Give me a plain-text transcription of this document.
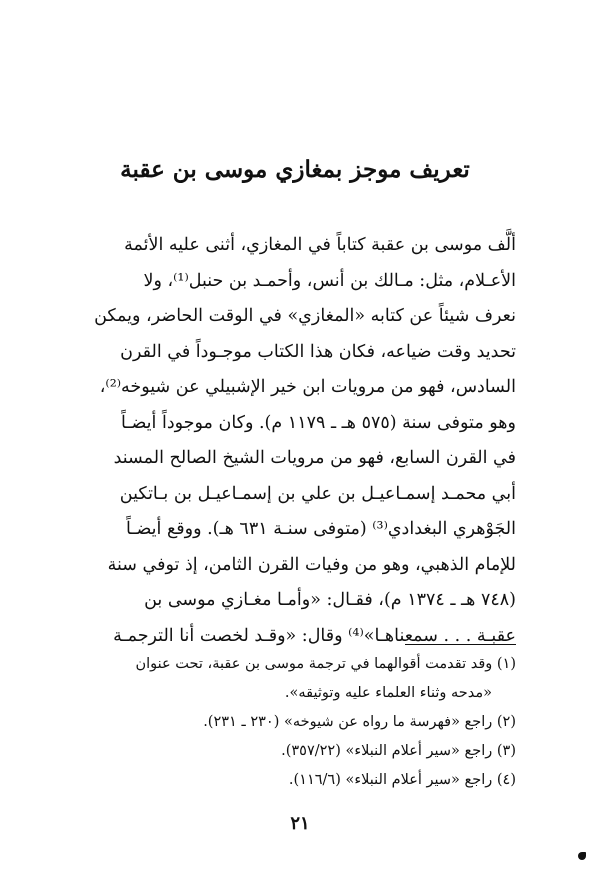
تعريف موجز بمغازي موسى بن عقبة
ألَّف موسى بن عقبة كتاباً في المغازي، أثنى عليه الأئمة
الأعـلام، مثل: مـالك بن أنس، وأحمـد بن حنبل⁽¹⁾، ولا
نعرف شيئاً عن كتابه «المغازي» في الوقت الحاضر، ويمكن
تحديد وقت ضياعه، فكان هذا الكتاب موجـوداً في القرن
السادس، فهو من مرويات ابن خير الإشبيلي عن شيوخه⁽²⁾،
وهو متوفى سنة (٥٧٥ هـ ـ ١١٧٩ م). وكان موجوداً أيضـاً
في القرن السابع، فهو من مرويات الشيخ الصالح المسند
أبي محمـد إسمـاعيـل بن علي بن إسمـاعيـل بن بـاتكين
الجَوْهري البغدادي⁽³⁾ (متوفى سنـة ٦٣١ هـ). ووقع أيضـاً
للإمام الذهبي، وهو من وفيات القرن الثامن، إذ توفي سنة
(٧٤٨ هـ ـ ١٣٧٤ م)، فقـال: «وأمـا مغـازي موسى بن
عقبـة . . . سمعناهـا»⁽⁴⁾ وقال: «وقـد لخصت أنا الترجمـة
(١) وقد تقدمت أقوالهما في ترجمة موسى بن عقبة، تحت عنوان
«مدحه وثناء العلماء عليه وتوثيقه».
(٢) راجع «فهرسة ما رواه عن شيوخه» (٢٣٠ ـ ٢٣١).
(٣) راجع «سير أعلام النبلاء» (٣٥٧/٢٢).
(٤) راجع «سير أعلام النبلاء» (١١٦/٦).
٢١
